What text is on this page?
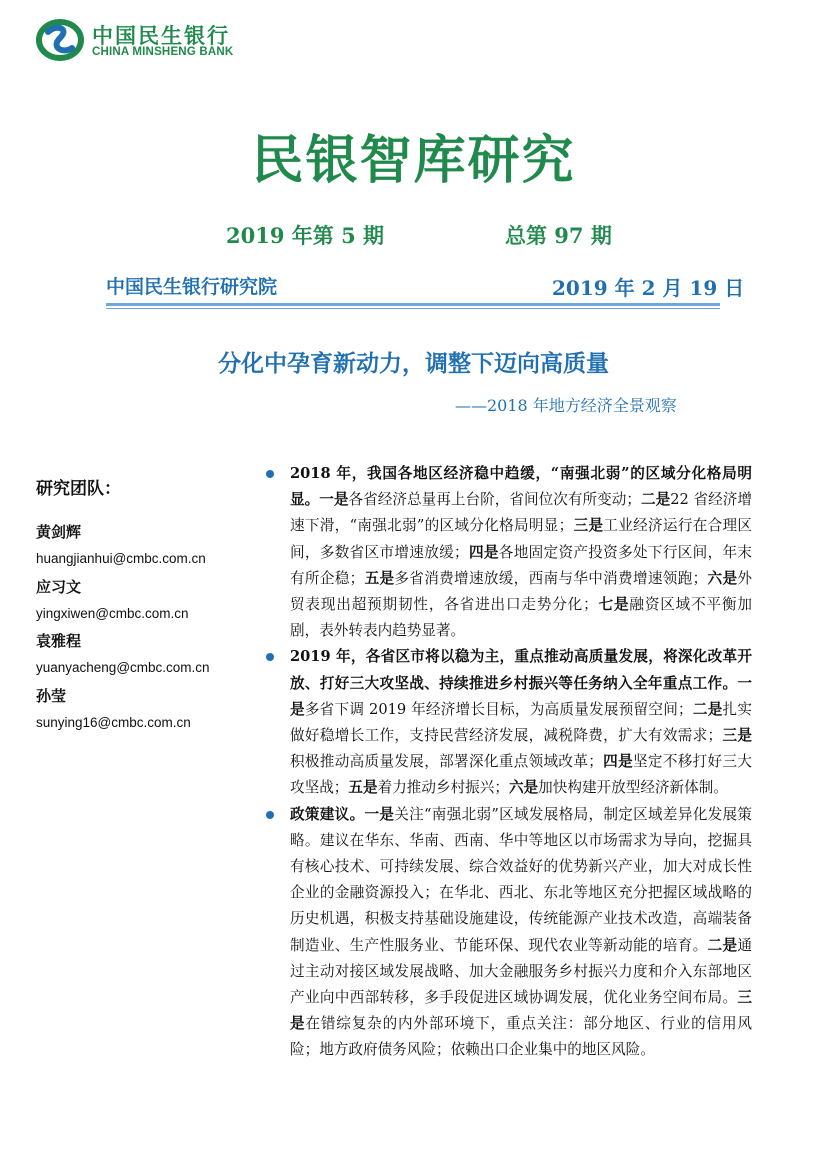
中国民生银行
CHINA MINSHENG BANK
民银智库研究
2019 年第 5 期	总第 97 期
中国民生银行研究院	2019 年 2 月 19 日
分化中孕育新动力，调整下迈向高质量
——2018 年地方经济全景观察
研究团队：
黄剑辉
huangjianhui@cmbc.com.cn
应习文
yingxiwen@cmbc.com.cn
袁雅程
yuanyacheng@cmbc.com.cn
孙莹
sunying16@cmbc.com.cn
2018 年，我国各地区经济稳中趋缓，“南强北弱”的区域分化格局明显。一是各省经济总量再上台阶，省间位次有所变动；二是22 省经济增速下滑，“南强北弱”的区域分化格局明显；三是工业经济运行在合理区间，多数省区市增速放缓；四是各地固定资产投资多处下行区间，年末有所企稳；五是多省消费增速放缓，西南与华中消费增速领跑；六是外贸表现出超预期韧性，各省进出口走势分化；七是融资区域不平衡加剧，表外转表内趋势显著。
2019 年，各省区市将以稳为主，重点推动高质量发展，将深化改革开放、打好三大攻坚战、持续推进乡村振兴等任务纳入全年重点工作。一是多省下调 2019 年经济增长目标，为高质量发展预留空间；二是扎实做好稳增长工作，支持民营经济发展，减税降费，扩大有效需求；三是积极推动高质量发展，部署深化重点领域改革；四是坚定不移打好三大攻坚战；五是着力推动乡村振兴；六是加快构建开放型经济新体制。
政策建议。一是关注“南强北弱”区域发展格局，制定区域差异化发展策略。建议在华东、华南、西南、华中等地区以市场需求为导向，挖掘具有核心技术、可持续发展、综合效益好的优势新兴产业，加大对成长性企业的金融资源投入；在华北、西北、东北等地区充分把握区域战略的历史机遇，积极支持基础设施建设，传统能源产业技术改造，高端装备制造业、生产性服务业、节能环保、现代农业等新动能的培育。二是通过主动对接区域发展战略、加大金融服务乡村振兴力度和介入东部地区产业向中西部转移，多手段促进区域协调发展，优化业务空间布局。三是在错综复杂的内外部环境下，重点关注：部分地区、行业的信用风险；地方政府债务风险；依赖出口企业集中的地区风险。
